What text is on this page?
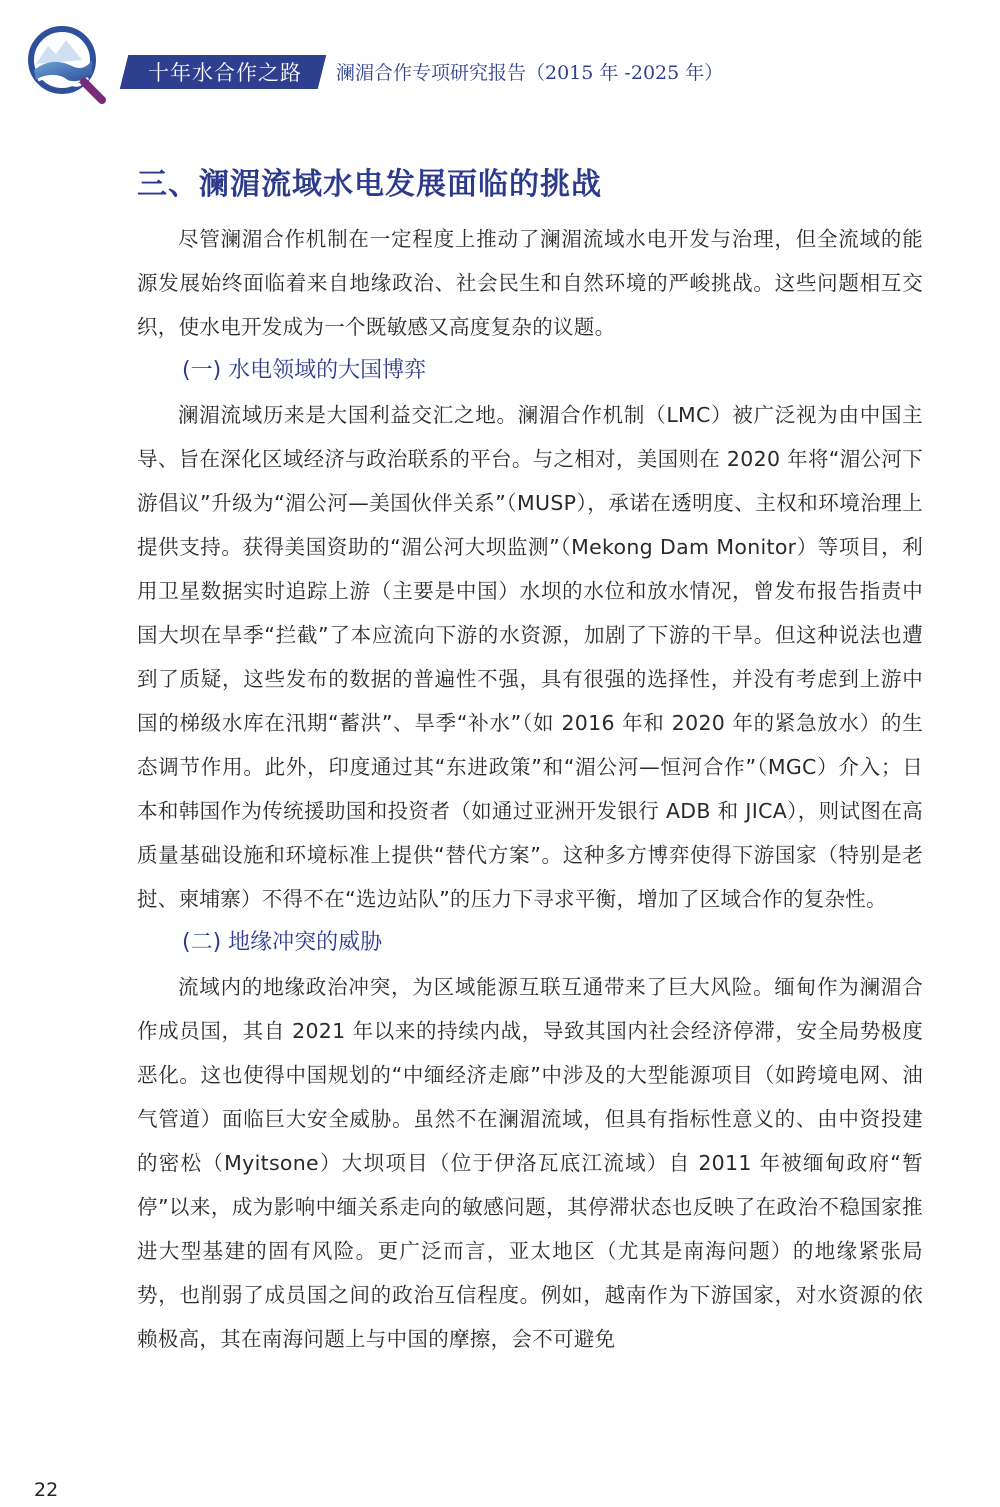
十年水合作之路	澜湄合作专项研究报告（2015 年 -2025 年）
三、澜湄流域水电发展面临的挑战

尽管澜湄合作机制在一定程度上推动了澜湄流域水电开发与治理，但全流域的能源发展始终面临着来自地缘政治、社会民生和自然环境的严峻挑战。这些问题相互交织，使水电开发成为一个既敏感又高度复杂的议题。

(一) 水电领域的大国博弈

澜湄流域历来是大国利益交汇之地。澜湄合作机制（LMC）被广泛视为由中国主导、旨在深化区域经济与政治联系的平台。与之相对，美国则在 2020 年将“湄公河下游倡议”升级为“湄公河—美国伙伴关系”（MUSP），承诺在透明度、主权和环境治理上提供支持。获得美国资助的“湄公河大坝监测”（Mekong Dam Monitor）等项目，利用卫星数据实时追踪上游（主要是中国）水坝的水位和放水情况，曾发布报告指责中国大坝在旱季“拦截”了本应流向下游的水资源，加剧了下游的干旱。但这种说法也遭到了质疑，这些发布的数据的普遍性不强，具有很强的选择性，并没有考虑到上游中国的梯级水库在汛期“蓄洪”、旱季“补水”（如 2016 年和 2020 年的紧急放水）的生态调节作用。此外，印度通过其“东进政策”和“湄公河—恒河合作”（MGC）介入；日本和韩国作为传统援助国和投资者（如通过亚洲开发银行 ADB 和 JICA），则试图在高质量基础设施和环境标准上提供“替代方案”。这种多方博弈使得下游国家（特别是老挝、柬埔寨）不得不在“选边站队”的压力下寻求平衡，增加了区域合作的复杂性。

(二) 地缘冲突的威胁

流域内的地缘政治冲突，为区域能源互联互通带来了巨大风险。缅甸作为澜湄合作成员国，其自 2021 年以来的持续内战，导致其国内社会经济停滞，安全局势极度恶化。这也使得中国规划的“中缅经济走廊”中涉及的大型能源项目（如跨境电网、油气管道）面临巨大安全威胁。虽然不在澜湄流域，但具有指标性意义的、由中资投建的密松（Myitsone）大坝项目（位于伊洛瓦底江流域）自 2011 年被缅甸政府“暂停”以来，成为影响中缅关系走向的敏感问题，其停滞状态也反映了在政治不稳国家推进大型基建的固有风险。更广泛而言，亚太地区（尤其是南海问题）的地缘紧张局势，也削弱了成员国之间的政治互信程度。例如，越南作为下游国家，对水资源的依赖极高，其在南海问题上与中国的摩擦，会不可避免

22
